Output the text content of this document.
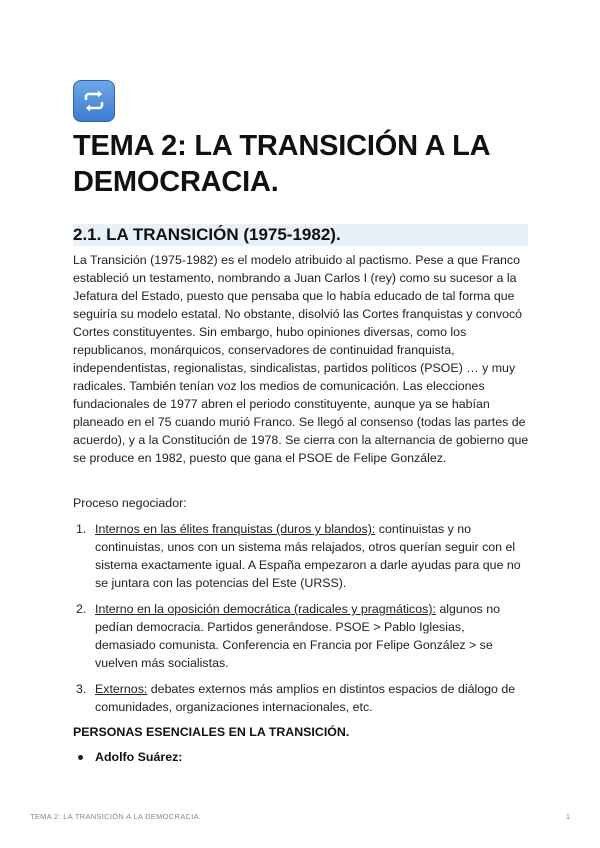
TEMA 2: LA TRANSICIÓN A LA DEMOCRACIA.
2.1. LA TRANSICIÓN (1975-1982).

La Transición (1975-1982) es el modelo atribuido al pactismo. Pese a que Franco estableció un testamento, nombrando a Juan Carlos I (rey) como su sucesor a la Jefatura del Estado, puesto que pensaba que lo había educado de tal forma que seguiría su modelo estatal. No obstante, disolvió las Cortes franquistas y convocó Cortes constituyentes. Sin embargo, hubo opiniones diversas, como los republicanos, monárquicos, conservadores de continuidad franquista, independentistas, regionalistas, sindicalistas, partidos políticos (PSOE) … y muy radicales. También tenían voz los medios de comunicación. Las elecciones fundacionales de 1977 abren el periodo constituyente, aunque ya se habían planeado en el 75 cuando murió Franco. Se llegó al consenso (todas las partes de acuerdo), y a la Constitución de 1978. Se cierra con la alternancia de gobierno que se produce en 1982, puesto que gana el PSOE de Felipe González.

Proceso negociador:

1. Internos en las élites franquistas (duros y blandos): continuistas y no continuistas, unos con un sistema más relajados, otros querían seguir con el sistema exactamente igual. A España empezaron a darle ayudas para que no se juntara con las potencias del Este (URSS).

2. Interno en la oposición democrática (radicales y pragmáticos): algunos no pedían democracia. Partidos generándose. PSOE > Pablo Iglesias, demasiado comunista. Conferencia en Francia por Felipe González > se vuelven más socialistas.

3. Externos: debates externos más amplios en distintos espacios de diálogo de comunidades, organizaciones internacionales, etc.

PERSONAS ESENCIALES EN LA TRANSICIÓN.

Adolfo Suárez:
TEMA 2: LA TRANSICIÓN A LA DEMOCRACIA.	1
